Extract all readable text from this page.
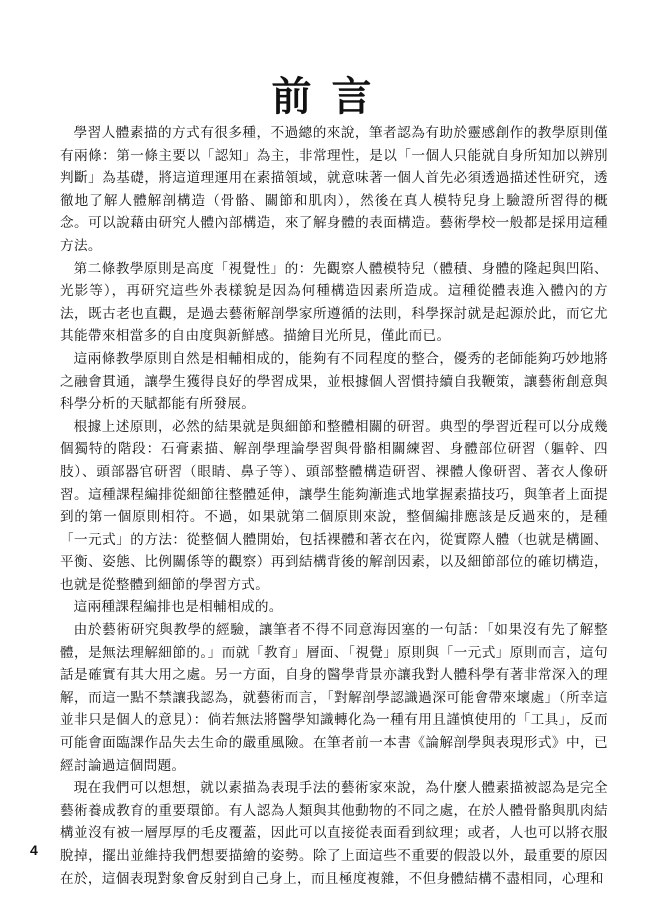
前言

學習人體素描的方式有很多種，不過總的來說，筆者認為有助於靈感創作的教學原則僅有兩條：第一條主要以「認知」為主，非常理性，是以「一個人只能就自身所知加以辨別判斷」為基礎，將這道理運用在素描領域，就意味著一個人首先必須透過描述性研究，透徹地了解人體解剖構造（骨骼、關節和肌肉），然後在真人模特兒身上驗證所習得的概念。可以說藉由研究人體內部構造，來了解身體的表面構造。藝術學校一般都是採用這種方法。

第二條教學原則是高度「視覺性」的：先觀察人體模特兒（體積、身體的隆起與凹陷、光影等），再研究這些外表樣貌是因為何種構造因素所造成。這種從體表進入體內的方法，既古老也直觀，是過去藝術解剖學家所遵循的法則，科學探討就是起源於此，而它尤其能帶來相當多的自由度與新鮮感。描繪目光所見，僅此而已。

這兩條教學原則自然是相輔相成的，能夠有不同程度的整合，優秀的老師能夠巧妙地將之融會貫通，讓學生獲得良好的學習成果，並根據個人習慣持續自我鞭策，讓藝術創意與科學分析的天賦都能有所發展。

根據上述原則，必然的結果就是與細節和整體相關的研習。典型的學習近程可以分成幾個獨特的階段：石膏素描、解剖學理論學習與骨骼相關練習、身體部位研習（軀幹、四肢）、頭部器官研習（眼睛、鼻子等）、頭部整體構造研習、裸體人像研習、著衣人像研習。這種課程編排從細節往整體延伸，讓學生能夠漸進式地掌握素描技巧，與筆者上面提到的第一個原則相符。不過，如果就第二個原則來說，整個編排應該是反過來的，是種「一元式」的方法：從整個人體開始，包括裸體和著衣在內，從實際人體（也就是構圖、平衡、姿態、比例關係等的觀察）再到結構背後的解剖因素，以及細節部位的確切構造，也就是從整體到細節的學習方式。

這兩種課程編排也是相輔相成的。

由於藝術研究與教學的經驗，讓筆者不得不同意海因塞的一句話：「如果沒有先了解整體，是無法理解細節的。」而就「教育」層面、「視覺」原則與「一元式」原則而言，這句話是確實有其大用之處。另一方面，自身的醫學背景亦讓我對人體科學有著非常深入的理解，而這一點不禁讓我認為，就藝術而言，「對解剖學認識過深可能會帶來壞處」（所幸這並非只是個人的意見）：倘若無法將醫學知識轉化為一種有用且謹慎使用的「工具」，反而可能會面臨課作品失去生命的嚴重風險。在筆者前一本書《論解剖學與表現形式》中，已經討論過這個問題。

現在我們可以想想，就以素描為表現手法的藝術家來說，為什麼人體素描被認為是完全藝術養成教育的重要環節。有人認為人類與其他動物的不同之處，在於人體骨骼與肌肉結構並沒有被一層厚厚的毛皮覆蓋，因此可以直接從表面看到紋理；或者，人也可以將衣服脫掉，擺出並維持我們想要描繪的姿勢。除了上面這些不重要的假設以外，最重要的原因在於，這個表現對象會反射到自己身上，而且極度複雜，不但身體結構不盡相同，心理和

4
